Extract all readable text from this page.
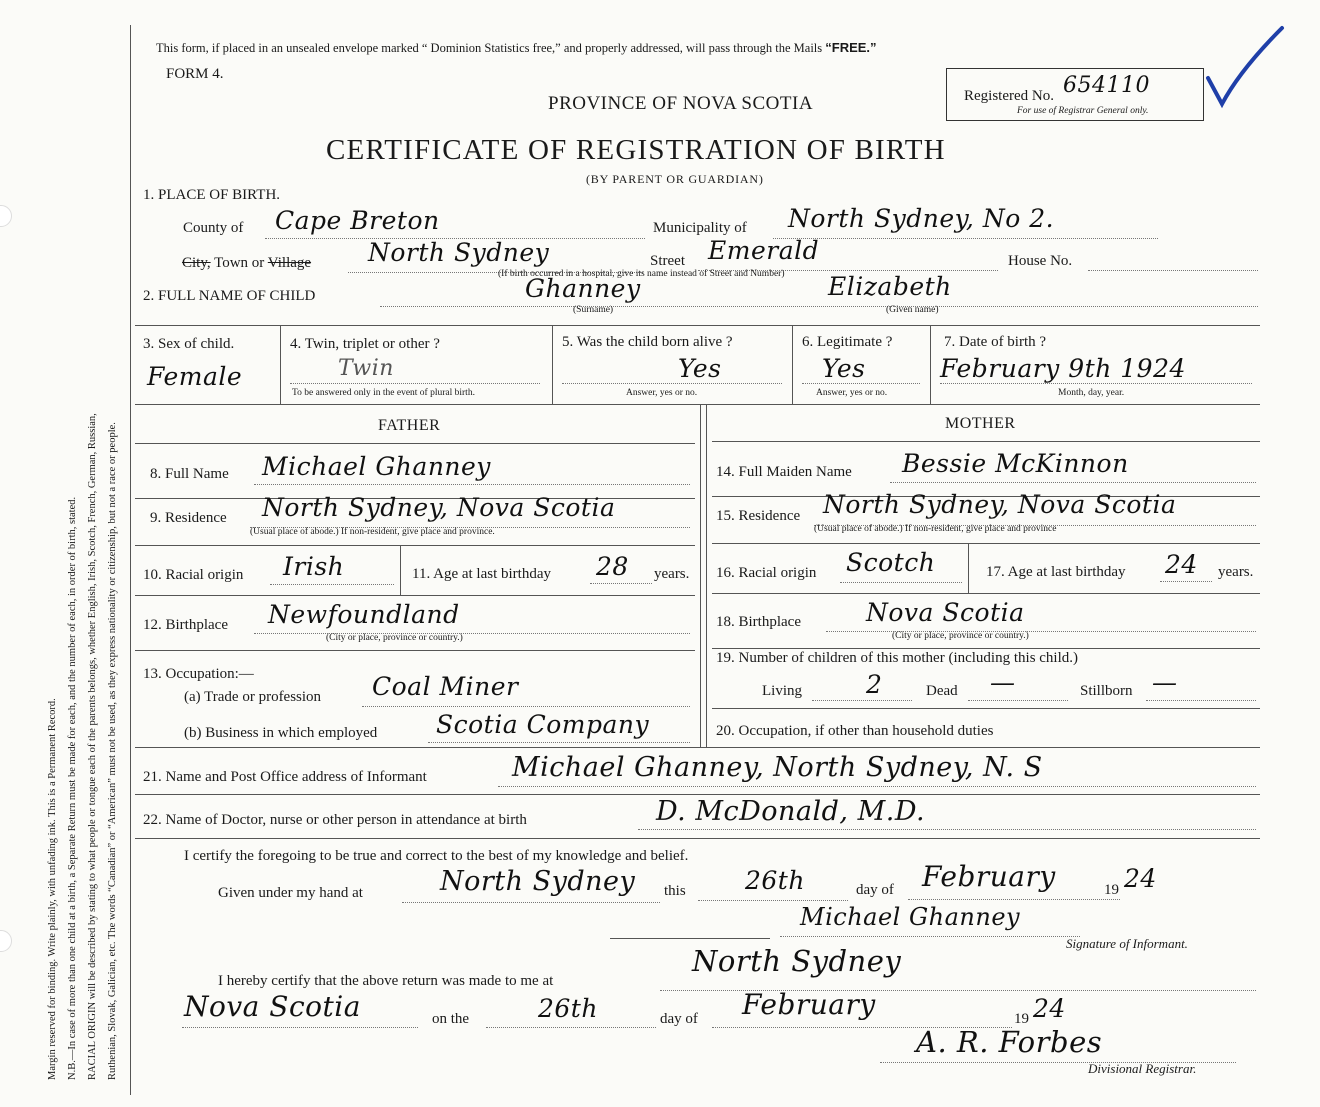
Margin reserved for binding. Write plainly, with unfading ink. This is a Permanent Record. N.B.—In case of more than one child at a birth, a Separate Return must be made for each, and the number of each, in order of birth, stated. RACIAL ORIGIN will be described by stating to what people or tongue each of the parents belongs, whether English, Irish, Scotch, French, German, Russian, Ruthenian, Slovak, Galician, etc. The words “Canadian” or “American” must not be used, as they express nationality or citizenship, but not a race or people.
This form, if placed in an unsealed envelope marked “ Dominion Statistics free,” and properly addressed, will pass through the Mails “FREE.”
FORM 4.
PROVINCE OF NOVA SCOTIA
CERTIFICATE OF REGISTRATION OF BIRTH
(BY PARENT OR GUARDIAN)
Registered No. 654110
For use of Registrar General only.
1. PLACE OF BIRTH.
County of Cape Breton	Municipality of North Sydney, No 2.
City, Town or Village North Sydney	Street Emerald	House No.
(If birth occurred in a hospital, give its name instead of Street and Number)
2. FULL NAME OF CHILD	Ghanney	Elizabeth
(Surname)	(Given name)
3. Sex of child.
Female
4. Twin, triplet or other ?
Twin
To be answered only in the event of plural birth.
5. Was the child born alive ?
Yes
Answer, yes or no.
6. Legitimate ?
Yes
Answer, yes or no.
7. Date of birth ?
February 9th 1924
Month, day, year.
FATHER
8. Full Name Michael Ghanney
9. Residence North Sydney, Nova Scotia
(Usual place of abode.) If non-resident, give place and province.
10. Racial origin Irish	11. Age at last birthday 28 years.
12. Birthplace Newfoundland
(City or place, province or country.)
13. Occupation:—
(a) Trade or profession Coal Miner
(b) Business in which employed Scotia Company
MOTHER
14. Full Maiden Name Bessie McKinnon
15. Residence North Sydney, Nova Scotia
(Usual place of abode.) If non-resident, give place and province
16. Racial origin Scotch	17. Age at last birthday 24 years.
18. Birthplace	Nova Scotia
(City or place, province or country.)
19. Number of children of this mother (including this child.)
Living	2	Dead —	Stillborn —
20. Occupation, if other than household duties
21. Name and Post Office address of Informant	Michael Ghanney, North Sydney, N. S
22. Name of Doctor, nurse or other person in attendance at birth	D. McDonald, M.D.
I certify the foregoing to be true and correct to the best of my knowledge and belief.
Given under my hand at	North Sydney this 26th	day of February	19 24
Michael Ghanney
Signature of Informant.
I hereby certify that the above return was made to me at
North Sydney
Nova Scotia	on the	26th	day of February	19 24
A. R. Forbes
Divisional Registrar.
